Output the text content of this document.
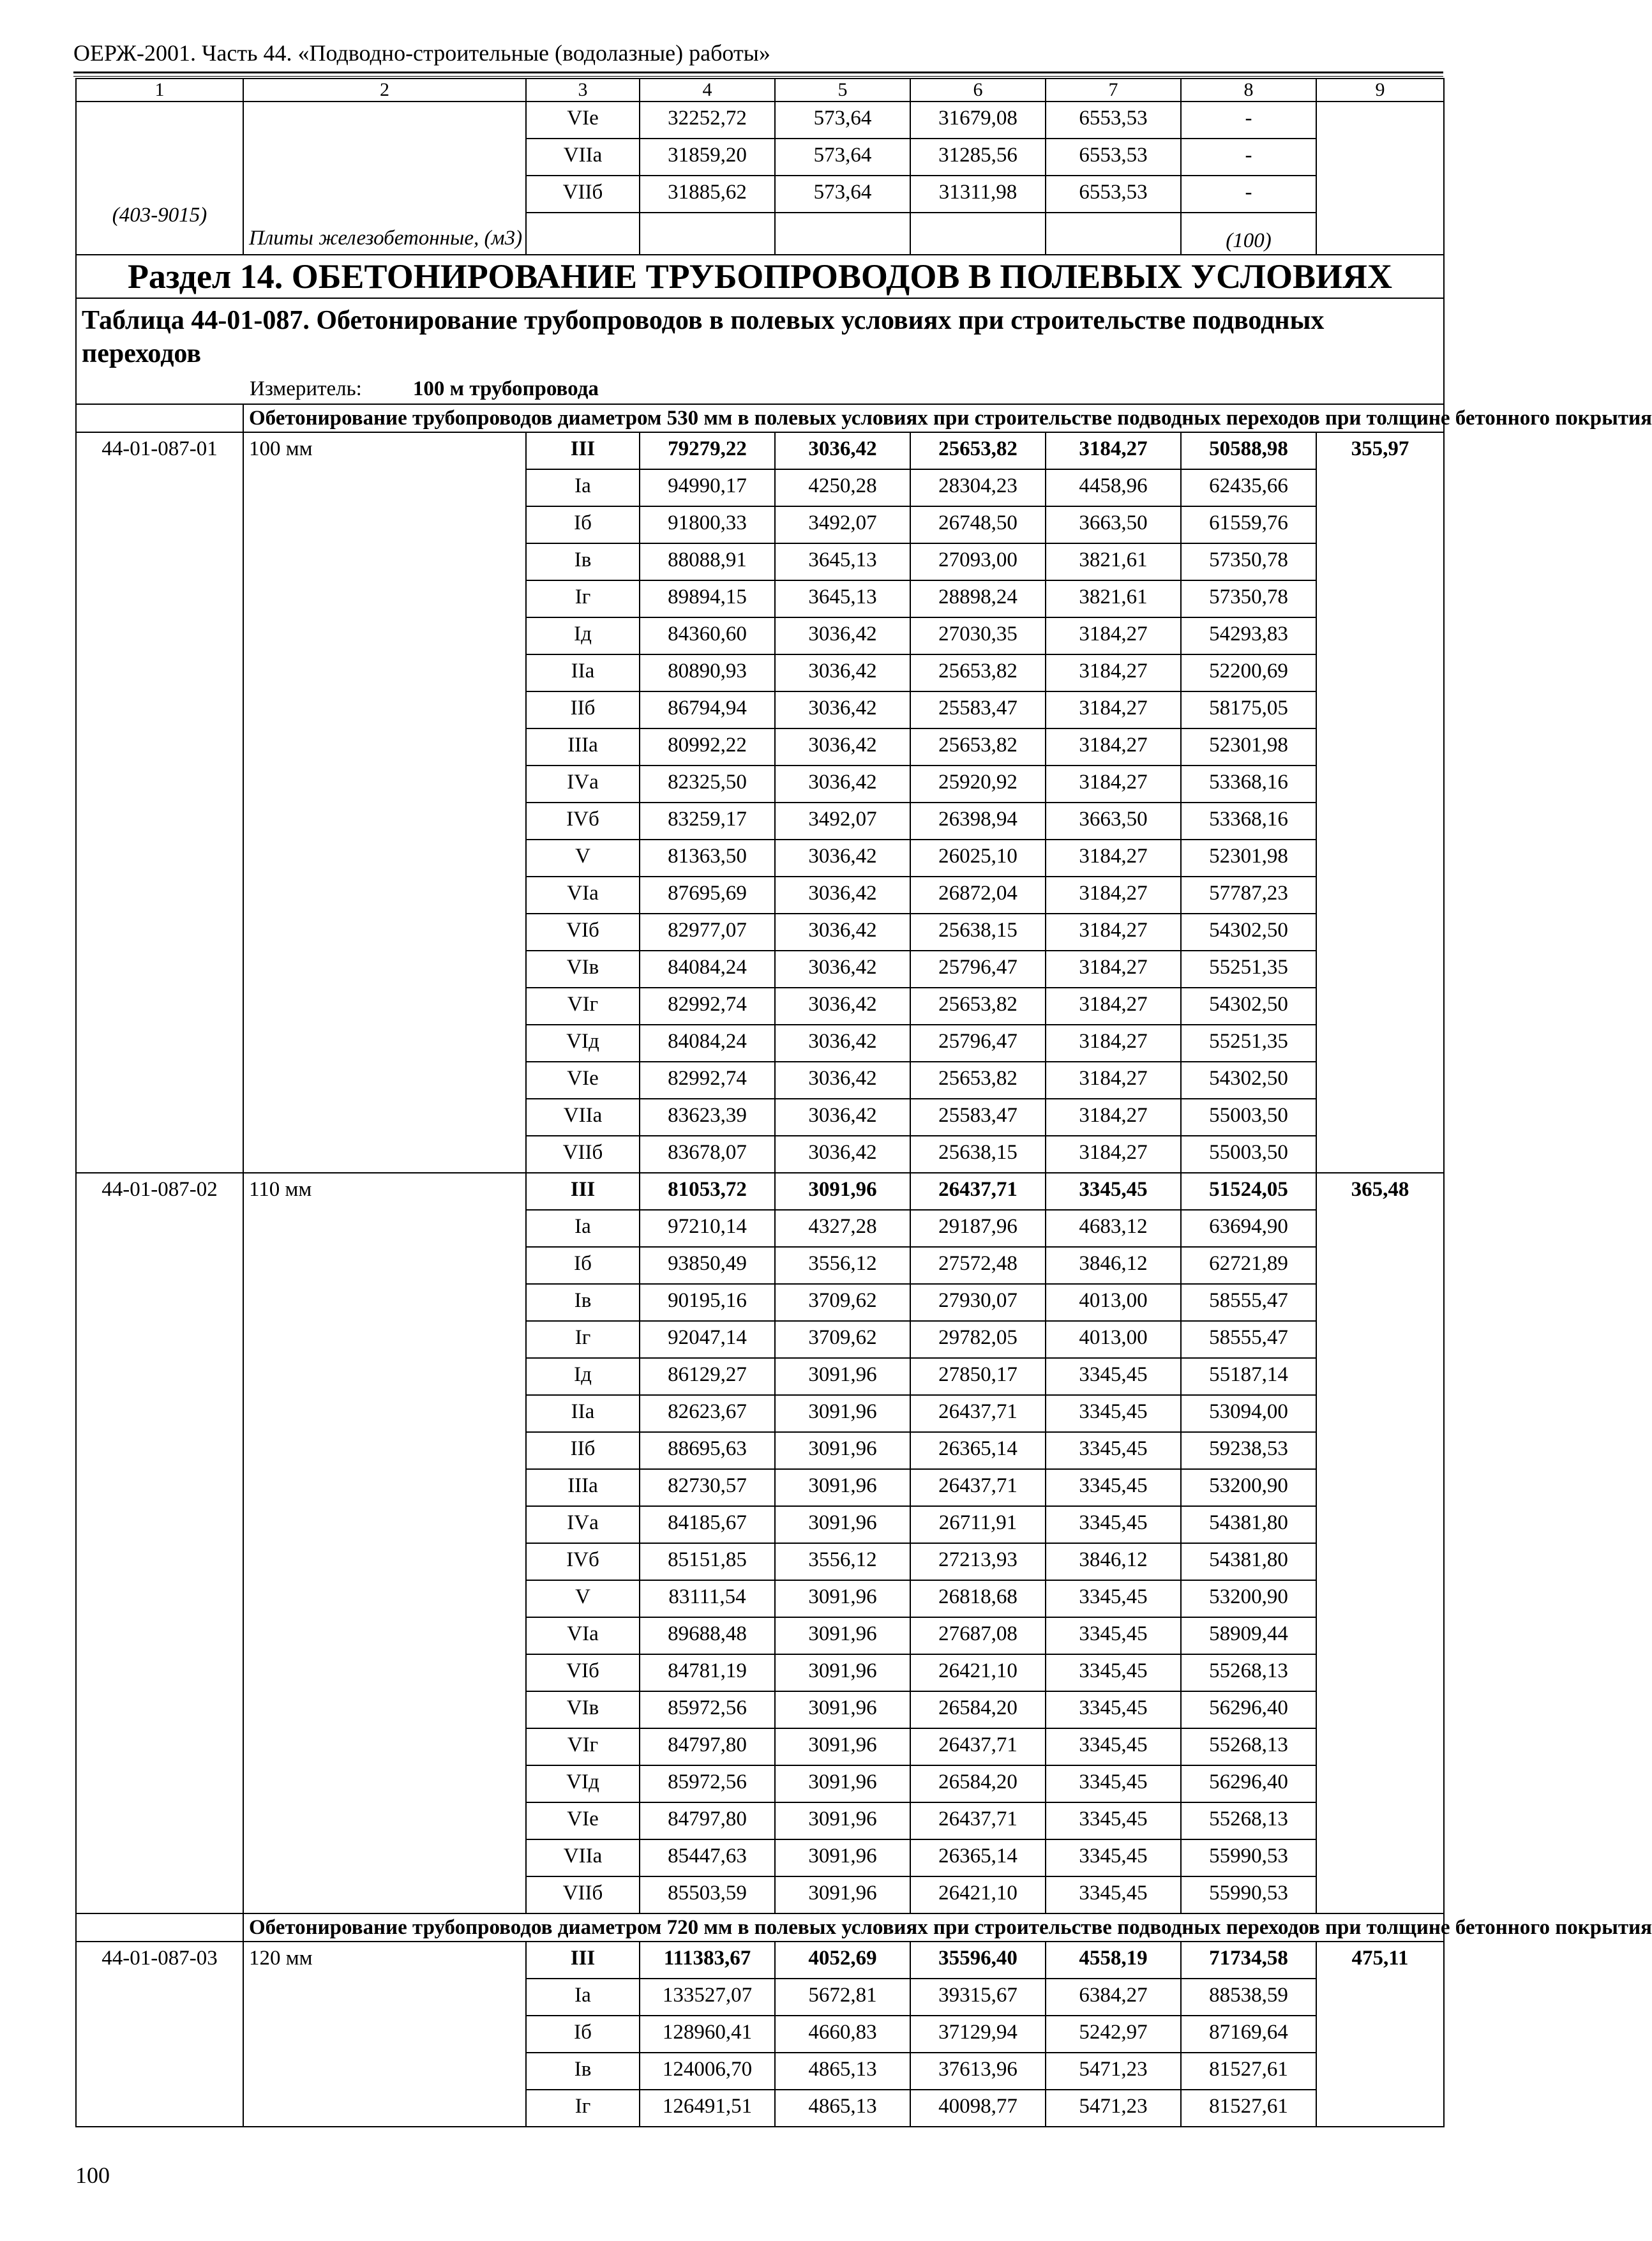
ОЕРЖ-2001. Часть 44. «Подводно-строительные (водолазные) работы»
1	2	3	4	5	6	7	8	9
(403-9015)	Плиты железобетонные, (м3)	VIе	32252,72	573,64	31679,08	6553,53	-	
		VIIа	31859,20	573,64	31285,56	6553,53	-	
		VIIб	31885,62	573,64	31311,98	6553,53	-	
							(100)	
Раздел 14. ОБЕТОНИРОВАНИЕ ТРУБОПРОВОДОВ В ПОЛЕВЫХ УСЛОВИЯХ								

Таблица 44-01-087. Обетонирование трубопроводов в полевых условиях при строительстве подводных переходов
Измеритель: 100 м трубопровода								

	Обетонирование трубопроводов диаметром 530 мм в полевых условиях при строительстве подводных переходов при толщине бетонного покрытия							
44-01-087-01	100 мм	III	79279,22	3036,42	25653,82	3184,27	50588,98	355,97
		Iа	94990,17	4250,28	28304,23	4458,96	62435,66	
		Iб	91800,33	3492,07	26748,50	3663,50	61559,76	
		Iв	88088,91	3645,13	27093,00	3821,61	57350,78	
		Iг	89894,15	3645,13	28898,24	3821,61	57350,78	
		Iд	84360,60	3036,42	27030,35	3184,27	54293,83	
		IIа	80890,93	3036,42	25653,82	3184,27	52200,69	
		IIб	86794,94	3036,42	25583,47	3184,27	58175,05	
		IIIа	80992,22	3036,42	25653,82	3184,27	52301,98	
		IVа	82325,50	3036,42	25920,92	3184,27	53368,16	
		IVб	83259,17	3492,07	26398,94	3663,50	53368,16	
		V	81363,50	3036,42	26025,10	3184,27	52301,98	
		VIа	87695,69	3036,42	26872,04	3184,27	57787,23	
		VIб	82977,07	3036,42	25638,15	3184,27	54302,50	
		VIв	84084,24	3036,42	25796,47	3184,27	55251,35	
		VIг	82992,74	3036,42	25653,82	3184,27	54302,50	
		VIд	84084,24	3036,42	25796,47	3184,27	55251,35	
		VIе	82992,74	3036,42	25653,82	3184,27	54302,50	
		VIIа	83623,39	3036,42	25583,47	3184,27	55003,50	
		VIIб	83678,07	3036,42	25638,15	3184,27	55003,50	
44-01-087-02	110 мм	III	81053,72	3091,96	26437,71	3345,45	51524,05	365,48
		Iа	97210,14	4327,28	29187,96	4683,12	63694,90	
		Iб	93850,49	3556,12	27572,48	3846,12	62721,89	
		Iв	90195,16	3709,62	27930,07	4013,00	58555,47	
		Iг	92047,14	3709,62	29782,05	4013,00	58555,47	
		Iд	86129,27	3091,96	27850,17	3345,45	55187,14	
		IIа	82623,67	3091,96	26437,71	3345,45	53094,00	
		IIб	88695,63	3091,96	26365,14	3345,45	59238,53	
		IIIа	82730,57	3091,96	26437,71	3345,45	53200,90	
		IVа	84185,67	3091,96	26711,91	3345,45	54381,80	
		IVб	85151,85	3556,12	27213,93	3846,12	54381,80	
		V	83111,54	3091,96	26818,68	3345,45	53200,90	
		VIа	89688,48	3091,96	27687,08	3345,45	58909,44	
		VIб	84781,19	3091,96	26421,10	3345,45	55268,13	
		VIв	85972,56	3091,96	26584,20	3345,45	56296,40	
		VIг	84797,80	3091,96	26437,71	3345,45	55268,13	
		VIд	85972,56	3091,96	26584,20	3345,45	56296,40	
		VIе	84797,80	3091,96	26437,71	3345,45	55268,13	
		VIIа	85447,63	3091,96	26365,14	3345,45	55990,53	
		VIIб	85503,59	3091,96	26421,10	3345,45	55990,53	
	Обетонирование трубопроводов диаметром 720 мм в полевых условиях при строительстве подводных переходов при толщине бетонного покрытия							
44-01-087-03	120 мм	III	111383,67	4052,69	35596,40	4558,19	71734,58	475,11
		Iа	133527,07	5672,81	39315,67	6384,27	88538,59	
		Iб	128960,41	4660,83	37129,94	5242,97	87169,64	
		Iв	124006,70	4865,13	37613,96	5471,23	81527,61	
		Iг	126491,51	4865,13	40098,77	5471,23	81527,61	
100
